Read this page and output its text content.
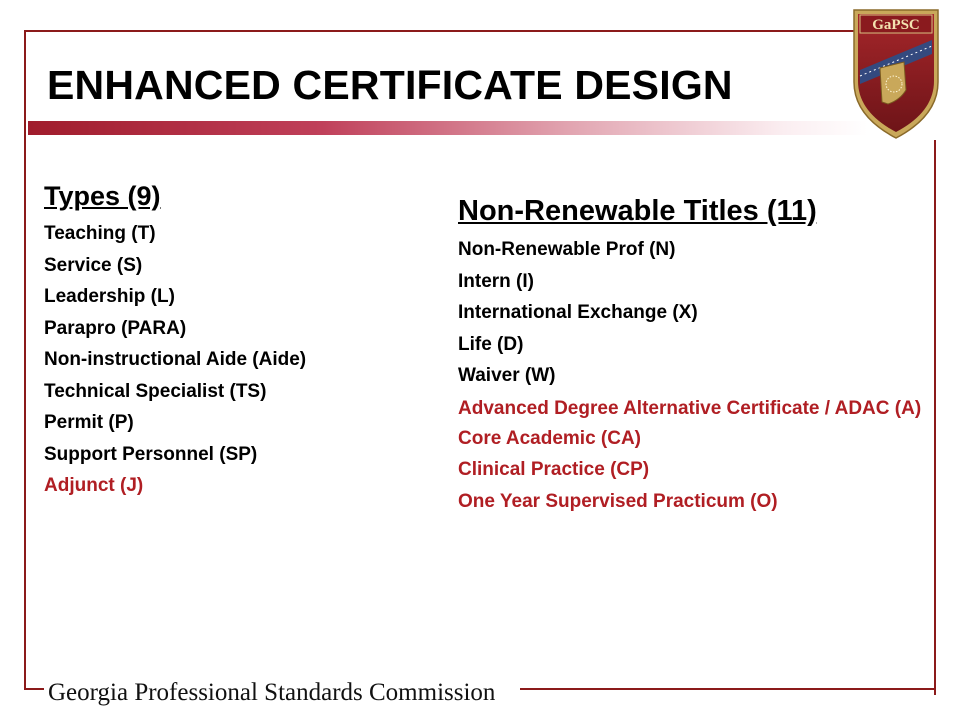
ENHANCED CERTIFICATE DESIGN
GaPSC
Types (9)
Teaching (T)
Service (S)
Leadership (L)
Parapro (PARA)
Non-instructional Aide (Aide)
Technical Specialist (TS)
Permit (P)
Support Personnel (SP)
Adjunct (J)
Non-Renewable Titles (11)
Non-Renewable Prof (N)
Intern (I)
International Exchange (X)
Life (D)
Waiver (W)
Advanced Degree Alternative Certificate / ADAC (A)
Core Academic (CA)
Clinical Practice (CP)
One Year Supervised Practicum (O)
Georgia Professional Standards Commission
